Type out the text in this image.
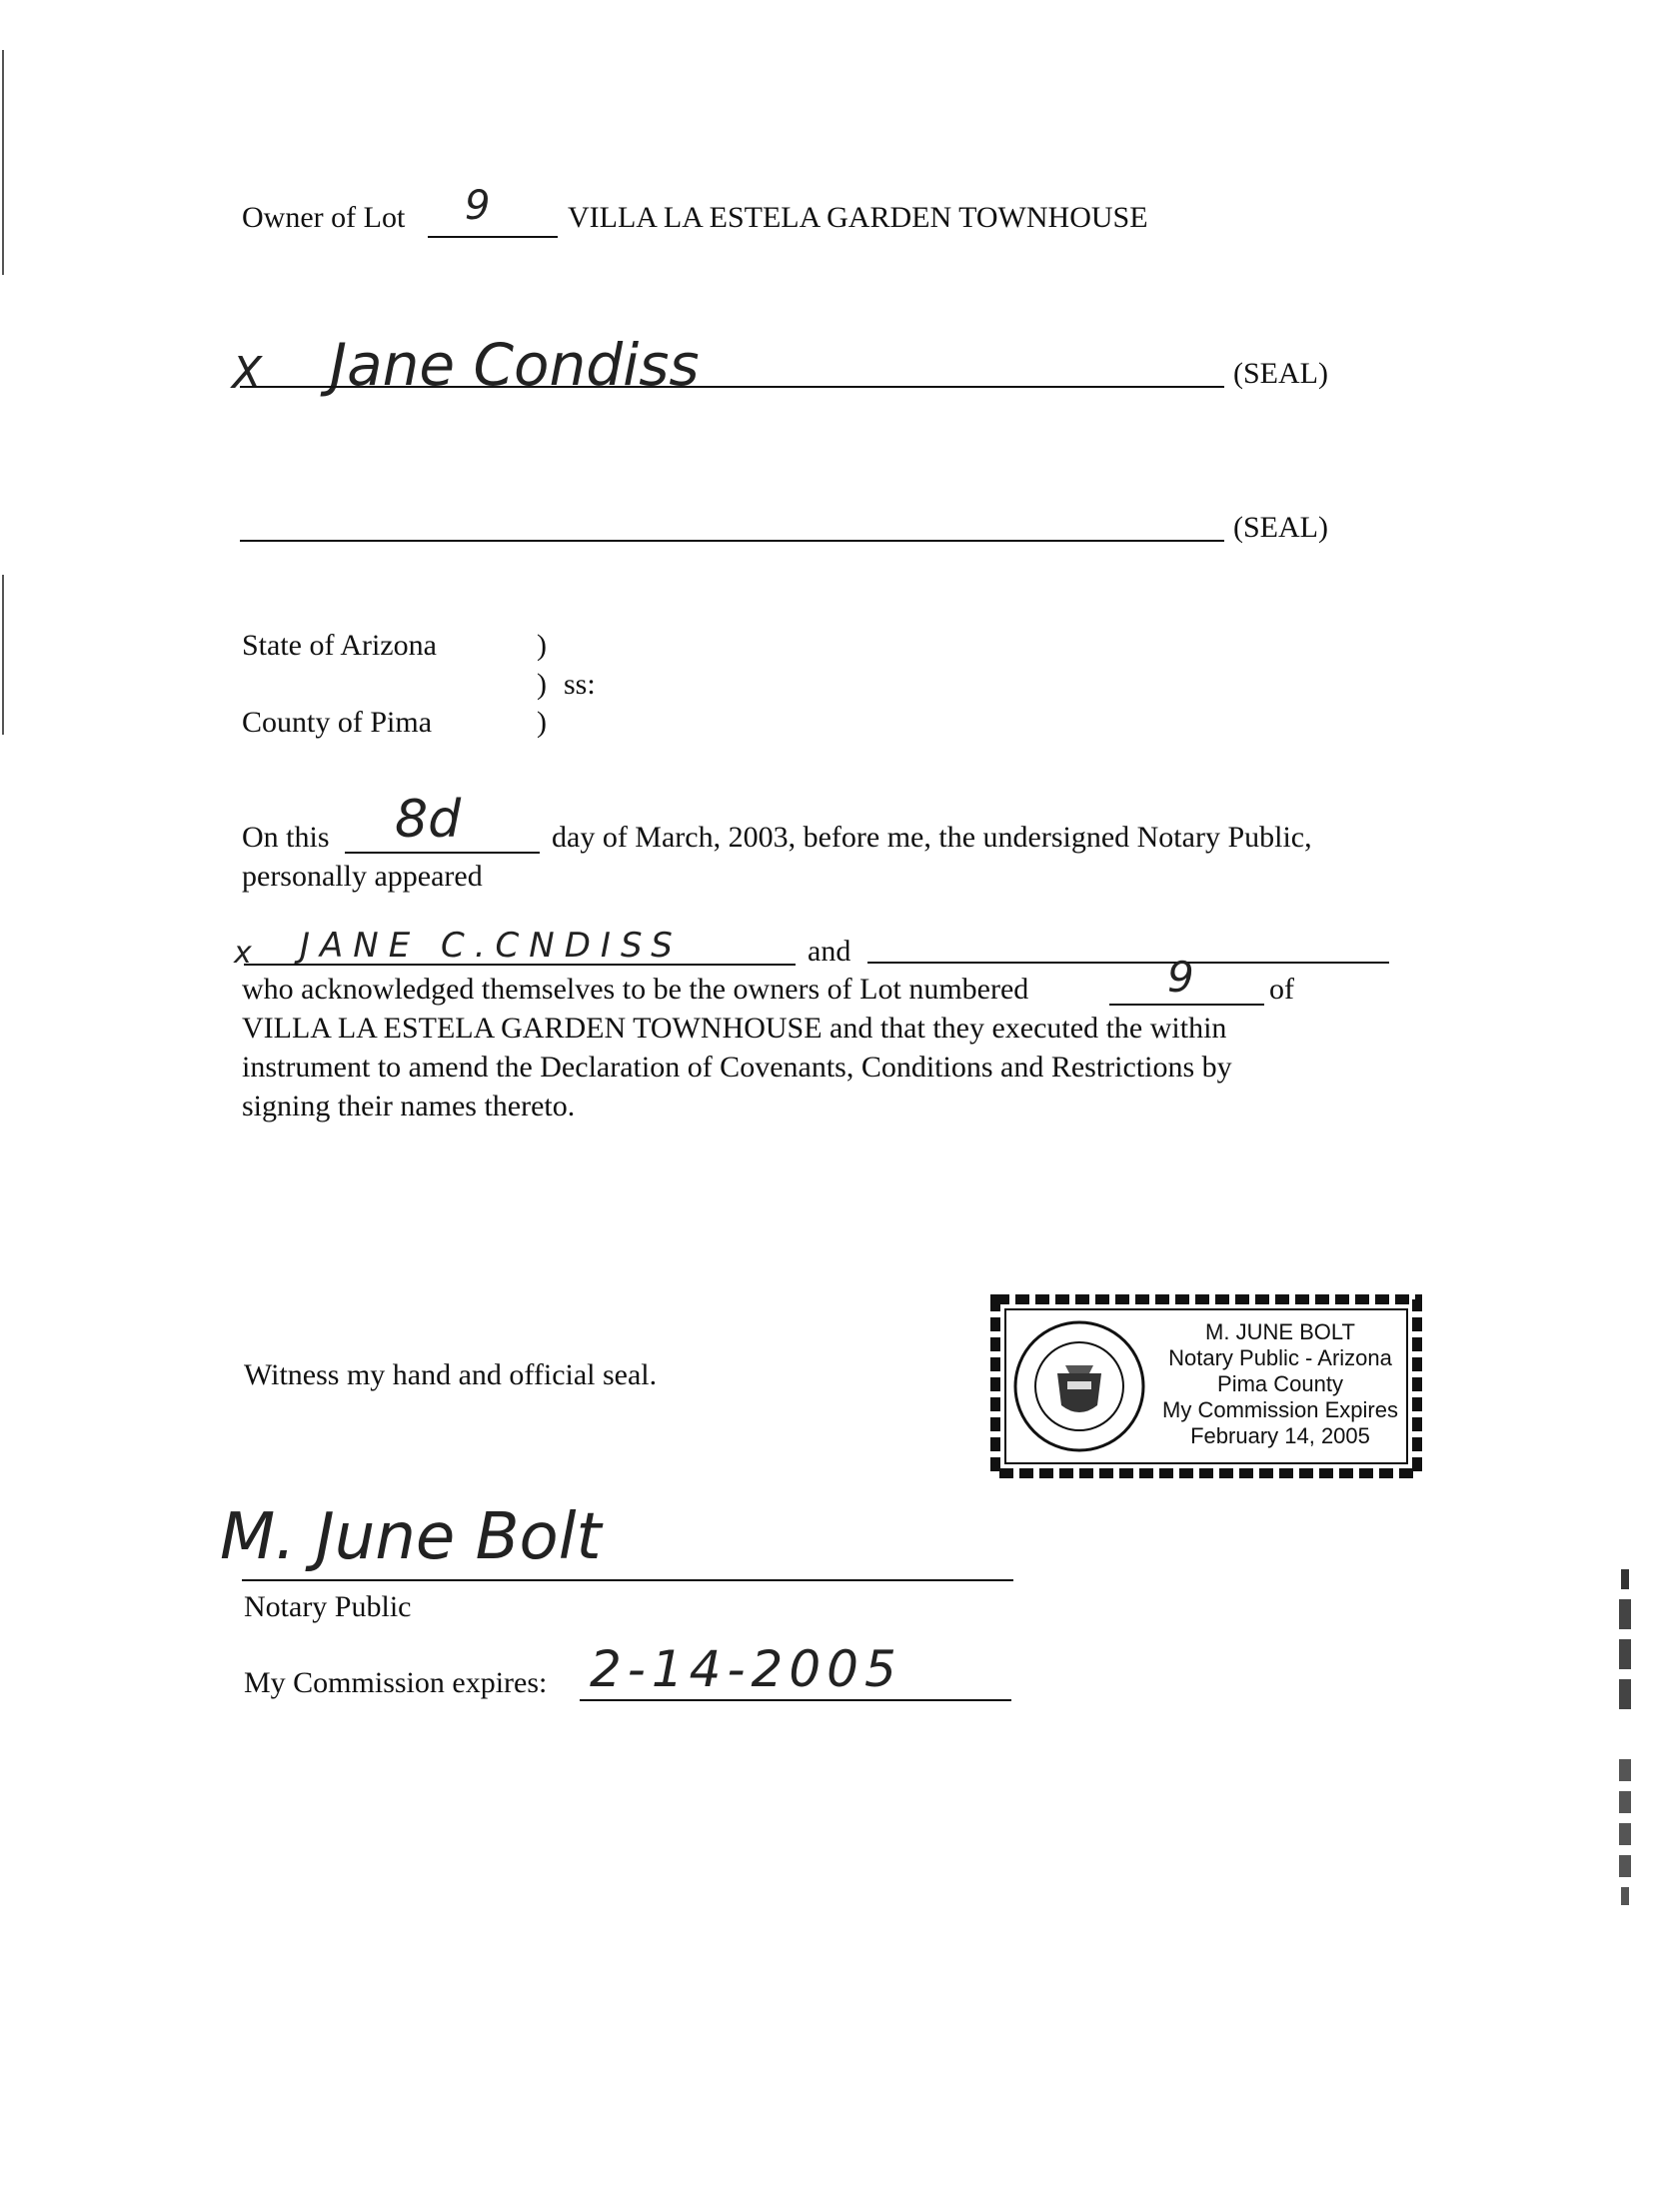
Owner of Lot 9	VILLA LA ESTELA GARDEN TOWNHOUSE
X Jane Condiss	(SEAL)
(SEAL)
State of Arizona	)
) ss:
County of Pima	)
On this 8d	day of March, 2003, before me, the undersigned Notary Public,
personally appeared
x JANE C.CNDISS	and
who acknowledged themselves to be the owners of Lot numbered	9	of
VILLA LA ESTELA GARDEN TOWNHOUSE and that they executed the within
instrument to amend the Declaration of Covenants, Conditions and Restrictions by
signing their names thereto.
Witness my hand and official seal.
M. JUNE BOLT
Notary Public - Arizona
Pima County
My Commission Expires
February 14, 2005
M. June Bolt
Notary Public
My Commission expires: 2-14-2005
